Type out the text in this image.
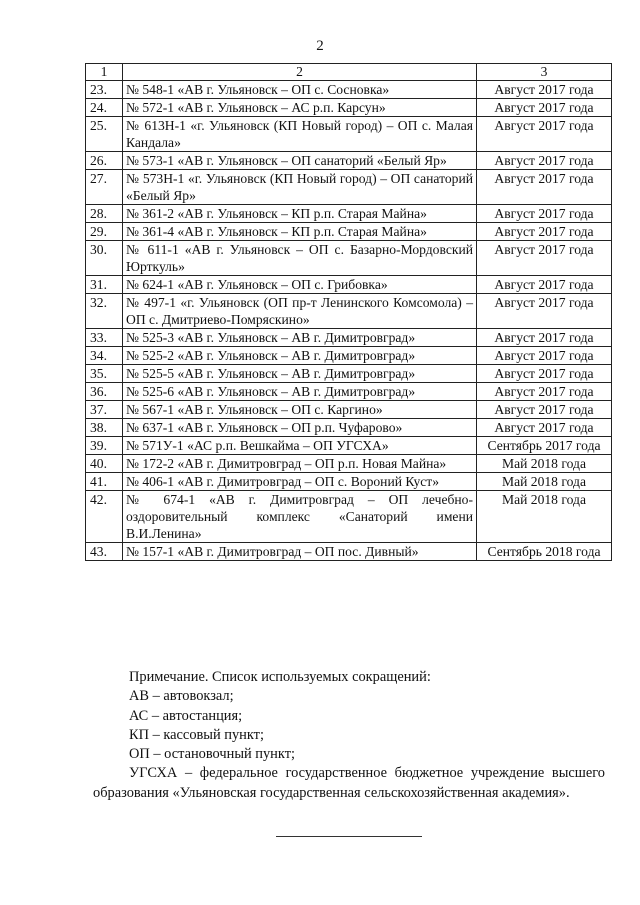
2
1	2	3
23.	№ 548-1 «АВ г. Ульяновск – ОП с. Сосновка»	Август 2017 года
24.	№ 572-1 «АВ г. Ульяновск – АС р.п. Карсун»	Август 2017 года
25.	№ 613Н-1 «г. Ульяновск (КП Новый город) – ОП с. Малая Кандала»	Август 2017 года
26.	№ 573-1 «АВ г. Ульяновск – ОП санаторий «Белый Яр»	Август 2017 года
27.	№ 573Н-1 «г. Ульяновск (КП Новый город) – ОП санаторий «Белый Яр»	Август 2017 года
28.	№ 361-2 «АВ г. Ульяновск – КП р.п. Старая Майна»	Август 2017 года
29.	№ 361-4 «АВ г. Ульяновск – КП р.п. Старая Майна»	Август 2017 года
30.	№ 611-1 «АВ г. Ульяновск – ОП с. Базарно-Мордовский Юрткуль»	Август 2017 года
31.	№ 624-1 «АВ г. Ульяновск – ОП с. Грибовка»	Август 2017 года
32.	№ 497-1 «г. Ульяновск (ОП пр-т Ленинского Комсомола) – ОП с. Дмитриево-Помряскино»	Август 2017 года
33.	№ 525-3 «АВ г. Ульяновск – АВ г. Димитровград»	Август 2017 года
34.	№ 525-2 «АВ г. Ульяновск – АВ г. Димитровград»	Август 2017 года
35.	№ 525-5 «АВ г. Ульяновск – АВ г. Димитровград»	Август 2017 года
36.	№ 525-6 «АВ г. Ульяновск – АВ г. Димитровград»	Август 2017 года
37.	№ 567-1 «АВ г. Ульяновск – ОП с. Каргино»	Август 2017 года
38.	№ 637-1 «АВ г. Ульяновск – ОП р.п. Чуфарово»	Август 2017 года
39.	№ 571У-1 «АС р.п. Вешкайма – ОП УГСХА»	Сентябрь 2017 года
40.	№ 172-2 «АВ г. Димитровград – ОП р.п. Новая Майна»	Май 2018 года
41.	№ 406-1 «АВ г. Димитровград – ОП с. Вороний Куст»	Май 2018 года
42.	№ 674-1 «АВ г. Димитровград – ОП лечебно-оздоровительный комплекс «Санаторий имени В.И.Ленина»	Май 2018 года
43.	№ 157-1 «АВ г. Димитровград – ОП пос. Дивный»	Сентябрь 2018 года

Примечание. Список используемых сокращений:

АВ – автовокзал;

АС – автостанция;

КП – кассовый пункт;

ОП – остановочный пункт;

УГСХА – федеральное государственное бюджетное учреждение высшего образования «Ульяновская государственная сельскохозяйственная академия».
